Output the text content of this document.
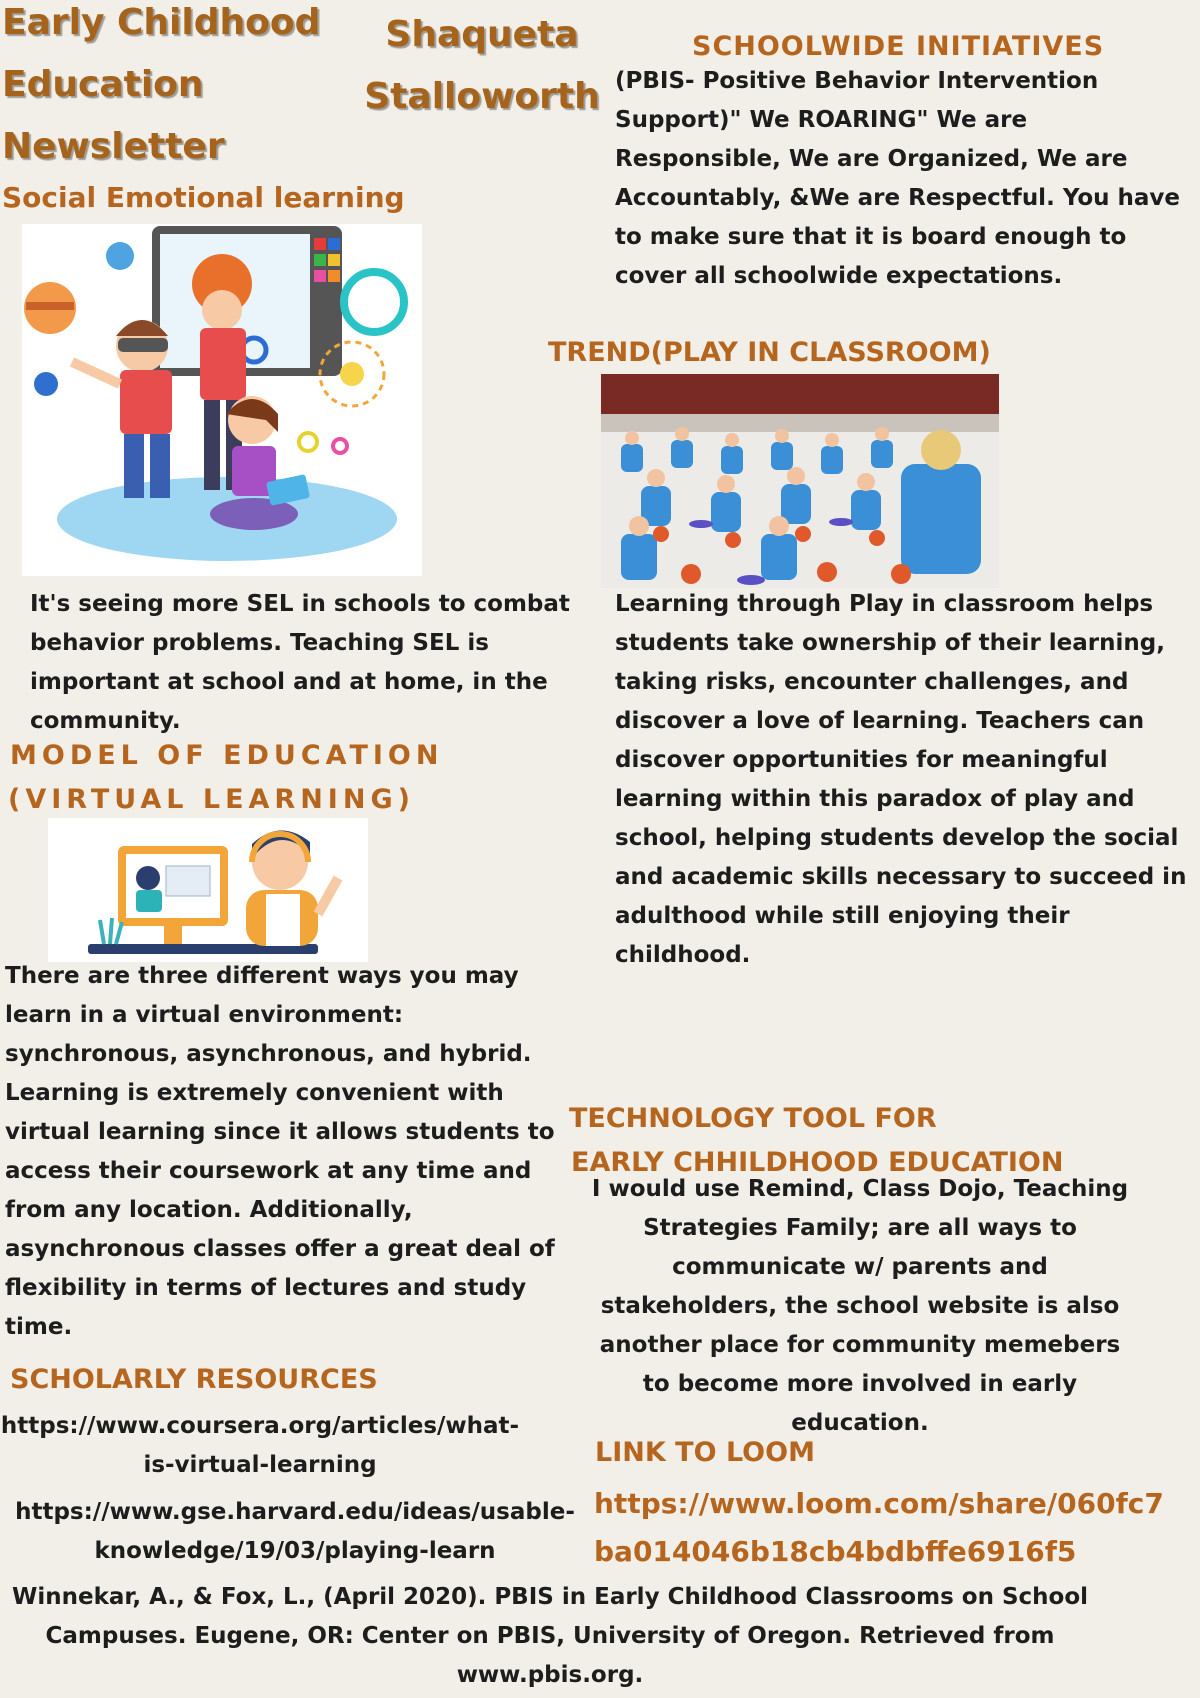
Early Childhood
Education
Newsletter
Shaqueta
Stalloworth
Social Emotional learning
It's seeing more SEL in schools to combat behavior problems. Teaching SEL is important at school and at home, in the community.
MODEL OF EDUCATION
(VIRTUAL LEARNING)
There are three different ways you may learn in a virtual environment: synchronous, asynchronous, and hybrid. Learning is extremely convenient with virtual learning since it allows students to access their coursework at any time and from any location. Additionally, asynchronous classes offer a great deal of flexibility in terms of lectures and study time.
SCHOLARLY RESOURCES
https://www.coursera.org/articles/what-is-virtual-learning
https://www.gse.harvard.edu/ideas/usable-knowledge/19/03/playing-learn
SCHOOLWIDE INITIATIVES
(PBIS- Positive Behavior Intervention Support)" We ROARING" We are Responsible, We are Organized, We are Accountably, &We are Respectful. You have to make sure that it is board enough to cover all schoolwide expectations.
TREND(PLAY IN CLASSROOM)
Learning through Play in classroom helps students take ownership of their learning, taking risks, encounter challenges, and discover a love of learning. Teachers can discover opportunities for meaningful learning within this paradox of play and school, helping students develop the social and academic skills necessary to succeed in adulthood while still enjoying their childhood.
TECHNOLOGY TOOL FOR
EARLY CHHILDHOOD EDUCATION
I would use Remind, Class Dojo, Teaching Strategies Family; are all ways to communicate w/ parents and stakeholders, the school website is also another place for community memebers to become more involved in early education.
LINK TO LOOM
https://www.loom.com/share/060fc7ba014046b18cb4bdbffe6916f5
Winnekar, A., & Fox, L., (April 2020). PBIS in Early Childhood Classrooms on School Campuses. Eugene, OR: Center on PBIS, University of Oregon. Retrieved from www.pbis.org.
